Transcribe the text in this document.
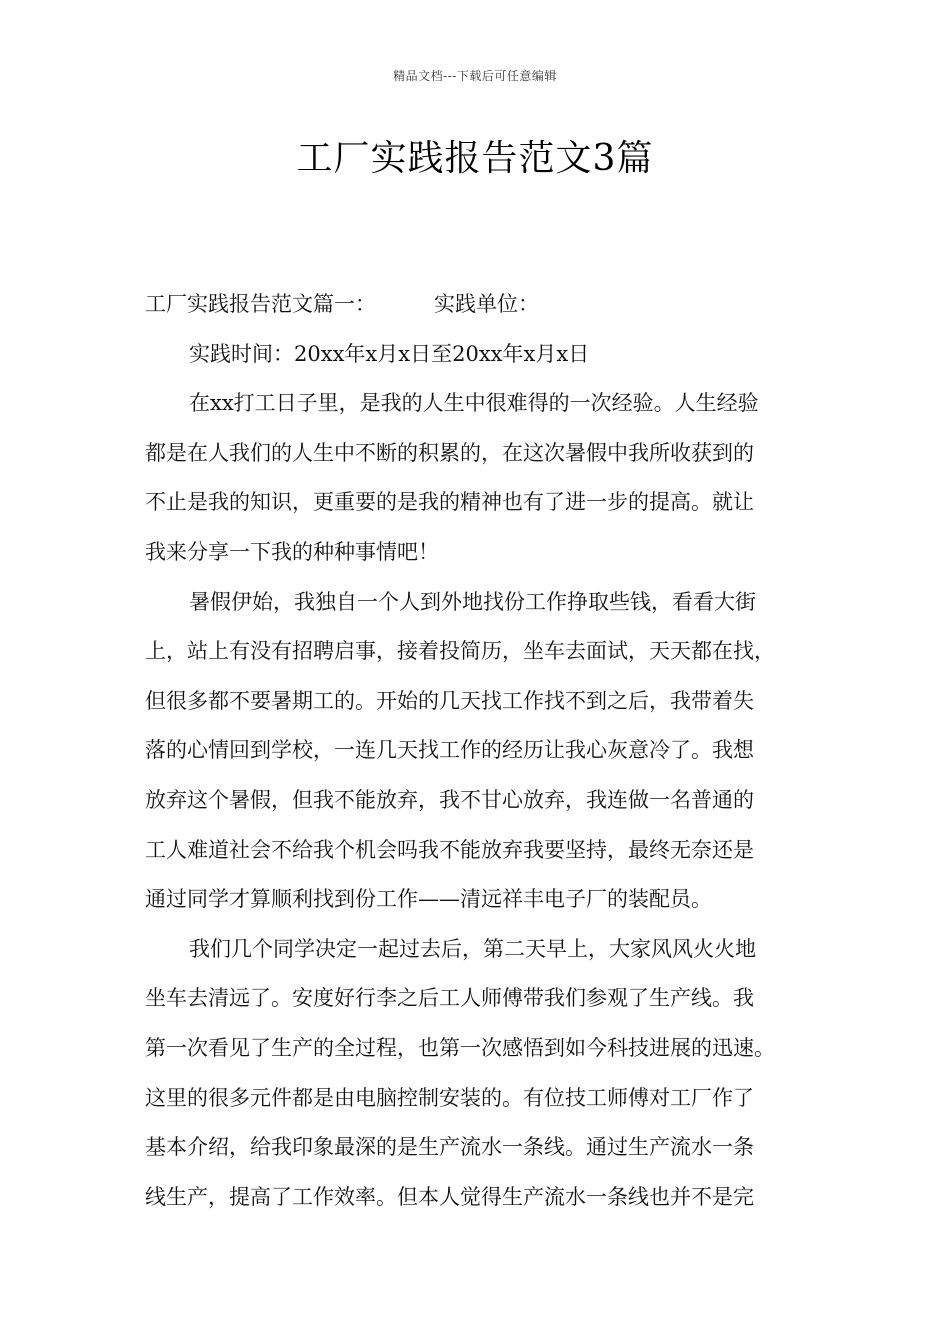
精品文档---下载后可任意编辑
工厂实践报告范文3篇
工厂实践报告范文篇一：	实践单位：
实践时间：20xx年x月x日至20xx年x月x日
在xx打工日子里，是我的人生中很难得的一次经验。人生经验
都是在人我们的人生中不断的积累的，在这次暑假中我所收获到的
不止是我的知识，更重要的是我的精神也有了进一步的提高。就让
我来分享一下我的种种事情吧！
暑假伊始，我独自一个人到外地找份工作挣取些钱，看看大街
上，站上有没有招聘启事，接着投简历，坐车去面试，天天都在找，
但很多都不要暑期工的。开始的几天找工作找不到之后，我带着失
落的心情回到学校，一连几天找工作的经历让我心灰意冷了。我想
放弃这个暑假，但我不能放弃，我不甘心放弃，我连做一名普通的
工人难道社会不给我个机会吗我不能放弃我要坚持，最终无奈还是
通过同学才算顺利找到份工作——清远祥丰电子厂的装配员。
我们几个同学决定一起过去后，第二天早上，大家风风火火地
坐车去清远了。安度好行李之后工人师傅带我们参观了生产线。我
第一次看见了生产的全过程，也第一次感悟到如今科技进展的迅速。
这里的很多元件都是由电脑控制安装的。有位技工师傅对工厂作了
基本介绍，给我印象最深的是生产流水一条线。通过生产流水一条
线生产，提高了工作效率。但本人觉得生产流水一条线也并不是完
